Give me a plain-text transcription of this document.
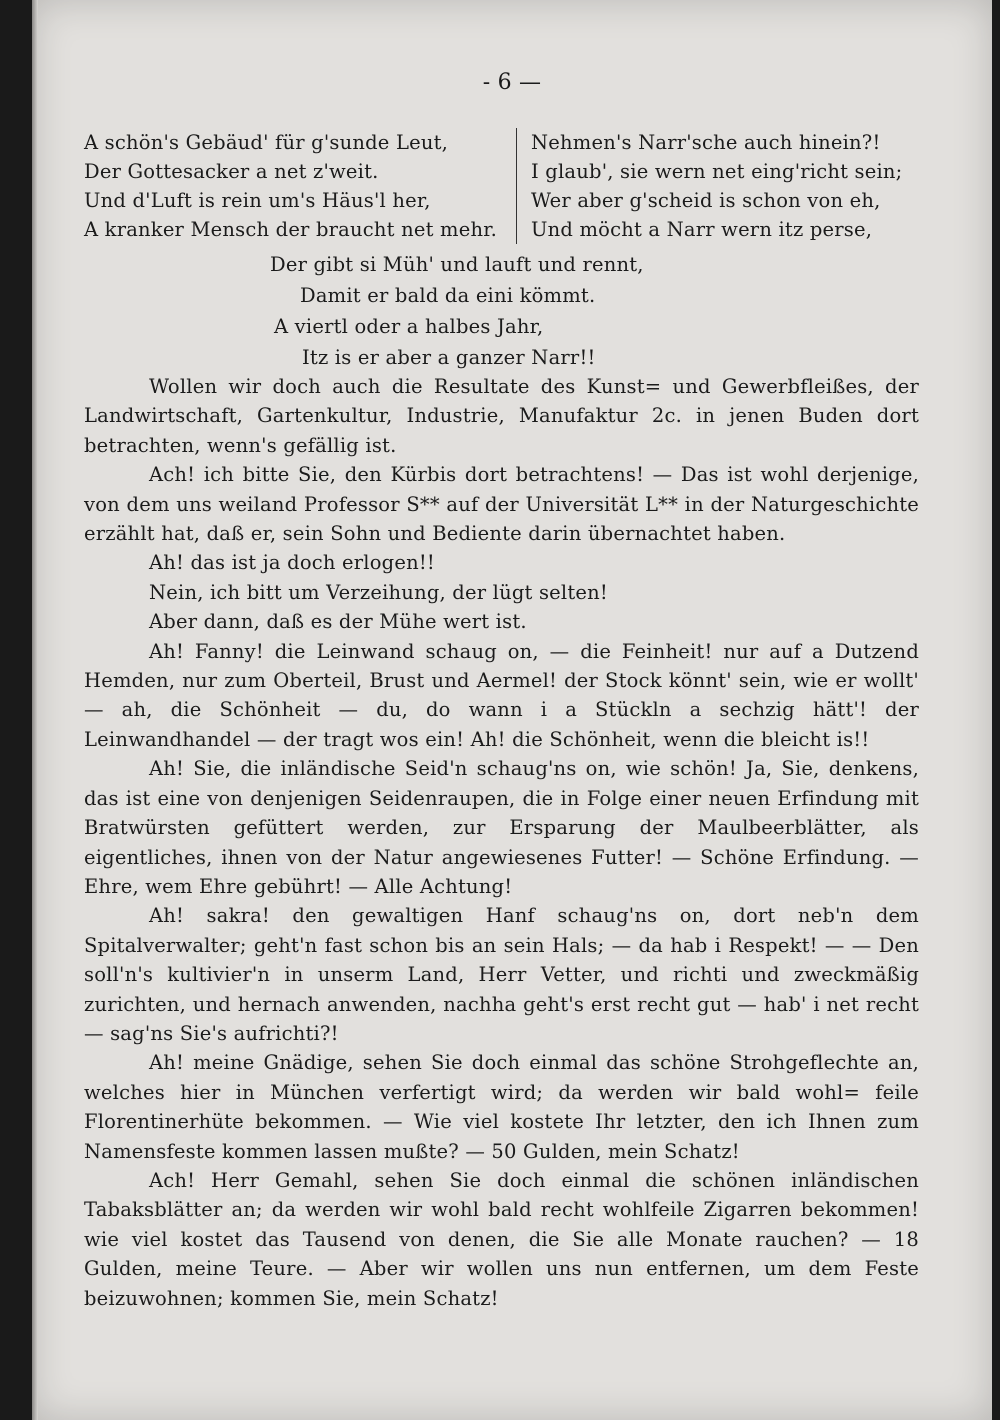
- 6 —
A schön's Gebäud' für g'sunde Leut,
Der Gottesacker a net z'weit.
Und d'Luft is rein um's Häus'l her,
A kranker Mensch der braucht net mehr.
Nehmen's Narr'sche auch hinein?!
I glaub', sie wern net eing'richt sein;
Wer aber g'scheid is schon von eh,
Und möcht a Narr wern itz perse,
Der gibt si Müh' und lauft und rennt,
Damit er bald da eini kömmt.
A viertl oder a halbes Jahr,
Itz is er aber a ganzer Narr!!

Wollen wir doch auch die Resultate des Kunst= und Gewerbfleißes, der Landwirtschaft, Gartenkultur, Industrie, Manufaktur 2c. in jenen Buden dort betrachten, wenn's gefällig ist.

Ach! ich bitte Sie, den Kürbis dort betrachtens! — Das ist wohl derjenige, von dem uns weiland Professor S** auf der Universität L** in der Naturgeschichte erzählt hat, daß er, sein Sohn und Bediente darin übernachtet haben.

Ah! das ist ja doch erlogen!!

Nein, ich bitt um Verzeihung, der lügt selten!

Aber dann, daß es der Mühe wert ist.

Ah! Fanny! die Leinwand schaug on, — die Feinheit! nur auf a Dutzend Hemden, nur zum Oberteil, Brust und Aermel! der Stock könnt' sein, wie er wollt' — ah, die Schönheit — du, do wann i a Stückln a sechzig hätt'! der Leinwandhandel — der tragt wos ein! Ah! die Schönheit, wenn die bleicht is!!

Ah! Sie, die inländische Seid'n schaug'ns on, wie schön! Ja, Sie, denkens, das ist eine von denjenigen Seidenraupen, die in Folge einer neuen Erfindung mit Bratwürsten gefüttert werden, zur Ersparung der Maulbeerblätter, als eigentliches, ihnen von der Natur angewiesenes Futter! — Schöne Erfindung. — Ehre, wem Ehre gebührt! — Alle Achtung!

Ah! sakra! den gewaltigen Hanf schaug'ns on, dort neb'n dem Spitalverwalter; geht'n fast schon bis an sein Hals; — da hab i Respekt! — — Den soll'n's kultivier'n in unserm Land, Herr Vetter, und richti und zweckmäßig zurichten, und hernach anwenden, nachha geht's erst recht gut — hab' i net recht — sag'ns Sie's aufrichti?!

Ah! meine Gnädige, sehen Sie doch einmal das schöne Strohgeflechte an, welches hier in München verfertigt wird; da werden wir bald wohl= feile Florentinerhüte bekommen. — Wie viel kostete Ihr letzter, den ich Ihnen zum Namensfeste kommen lassen mußte? — 50 Gulden, mein Schatz!

Ach! Herr Gemahl, sehen Sie doch einmal die schönen inländischen Tabaksblätter an; da werden wir wohl bald recht wohlfeile Zigarren bekommen! wie viel kostet das Tausend von denen, die Sie alle Monate rauchen? — 18 Gulden, meine Teure. — Aber wir wollen uns nun entfernen, um dem Feste beizuwohnen; kommen Sie, mein Schatz!
